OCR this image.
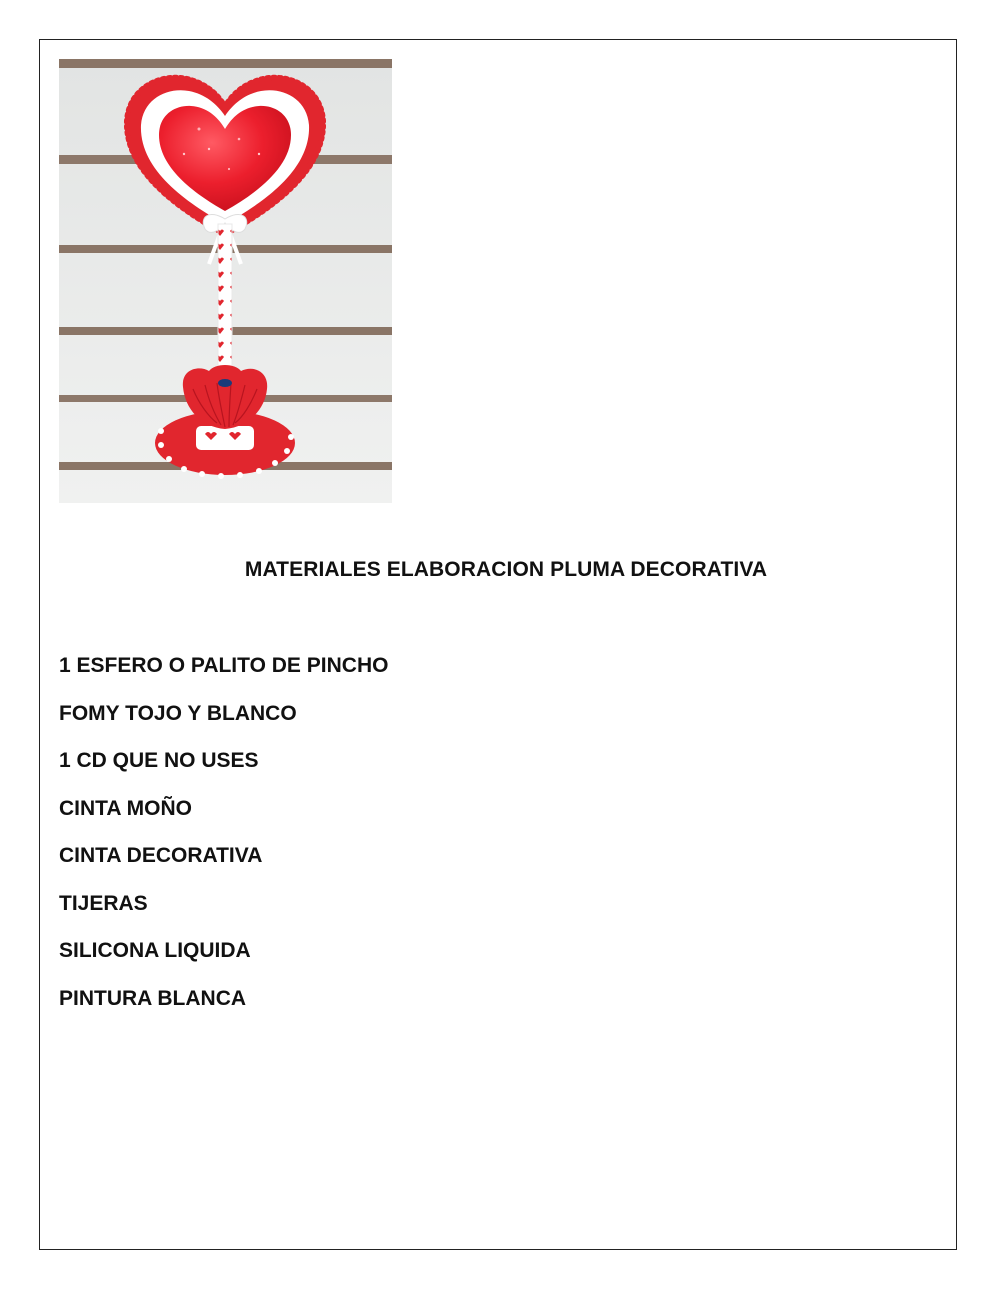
MATERIALES ELABORACION PLUMA DECORATIVA
1 ESFERO O PALITO DE PINCHO
FOMY TOJO Y BLANCO
1 CD QUE NO USES
CINTA MOÑO
CINTA DECORATIVA
TIJERAS
SILICONA LIQUIDA
PINTURA BLANCA
